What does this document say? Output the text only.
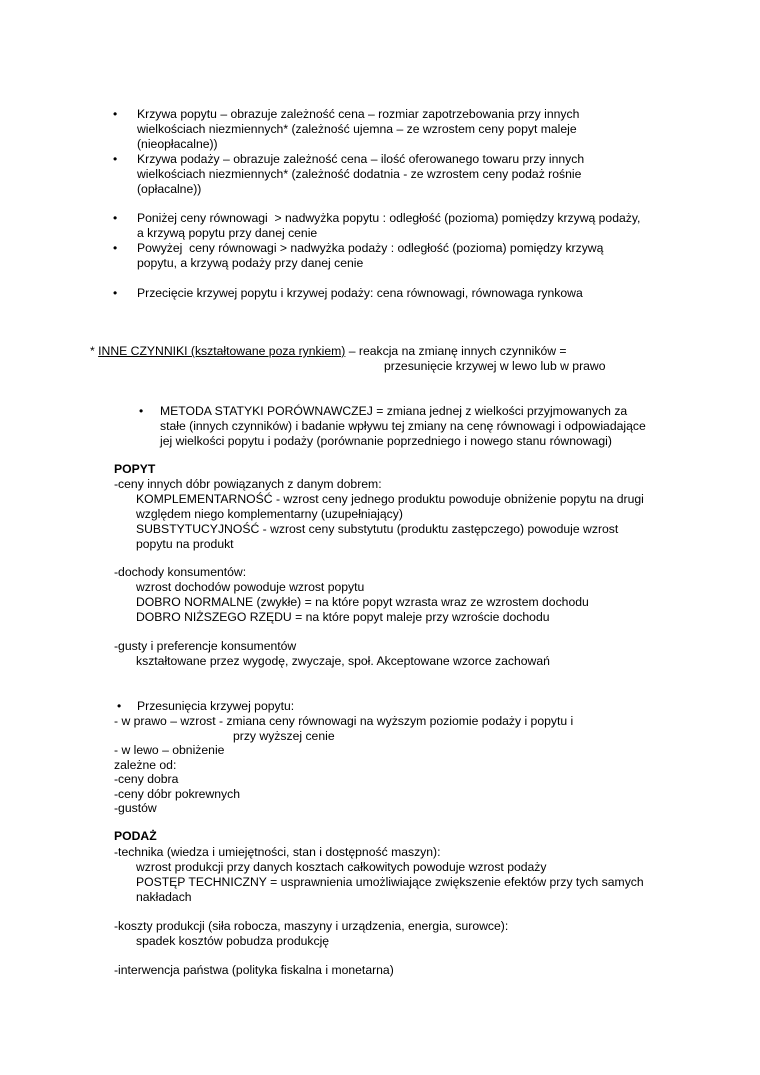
• Krzywa popytu – obrazuje zależność cena – rozmiar zapotrzebowania przy innych
wielkościach niezmiennych* (zależność ujemna – ze wzrostem ceny popyt maleje
(nieopłacalne))
• Krzywa podaży – obrazuje zależność cena – ilość oferowanego towaru przy innych
wielkościach niezmiennych* (zależność dodatnia - ze wzrostem ceny podaż rośnie
(opłacalne))
• Poniżej ceny równowagi  > nadwyżka popytu : odległość (pozioma) pomiędzy krzywą podaży,
a krzywą popytu przy danej cenie
• Powyżej  ceny równowagi > nadwyżka podaży : odległość (pozioma) pomiędzy krzywą
popytu, a krzywą podaży przy danej cenie
• Przecięcie krzywej popytu i krzywej podaży: cena równowagi, równowaga rynkowa
* INNE CZYNNIKI (kształtowane poza rynkiem) – reakcja na zmianę innych czynników =
przesunięcie krzywej w lewo lub w prawo
• METODA STATYKI PORÓWNAWCZEJ = zmiana jednej z wielkości przyjmowanych za
stałe (innych czynników) i badanie wpływu tej zmiany na cenę równowagi i odpowiadające
jej wielkości popytu i podaży (porównanie poprzedniego i nowego stanu równowagi)
POPYT
-ceny innych dóbr powiązanych z danym dobrem:
KOMPLEMENTARNOŚĆ - wzrost ceny jednego produktu powoduje obniżenie popytu na drugi
względem niego komplementarny (uzupełniający)
SUBSTYTUCYJNOŚĆ - wzrost ceny substytutu (produktu zastępczego) powoduje wzrost
popytu na produkt
-dochody konsumentów:
wzrost dochodów powoduje wzrost popytu
DOBRO NORMALNE (zwykłe) = na które popyt wzrasta wraz ze wzrostem dochodu
DOBRO NIŻSZEGO RZĘDU = na które popyt maleje przy wzroście dochodu
-gusty i preferencje konsumentów
kształtowane przez wygodę, zwyczaje, społ. Akceptowane wzorce zachowań
• Przesunięcia krzywej popytu:
- w prawo – wzrost - zmiana ceny równowagi na wyższym poziomie podaży i popytu i
przy wyższej cenie
- w lewo – obniżenie
zależne od:
-ceny dobra
-ceny dóbr pokrewnych
-gustów
PODAŻ
-technika (wiedza i umiejętności, stan i dostępność maszyn):
wzrost produkcji przy danych kosztach całkowitych powoduje wzrost podaży
POSTĘP TECHNICZNY = usprawnienia umożliwiające zwiększenie efektów przy tych samych
nakładach
-koszty produkcji (siła robocza, maszyny i urządzenia, energia, surowce):
spadek kosztów pobudza produkcję
-interwencja państwa (polityka fiskalna i monetarna)
